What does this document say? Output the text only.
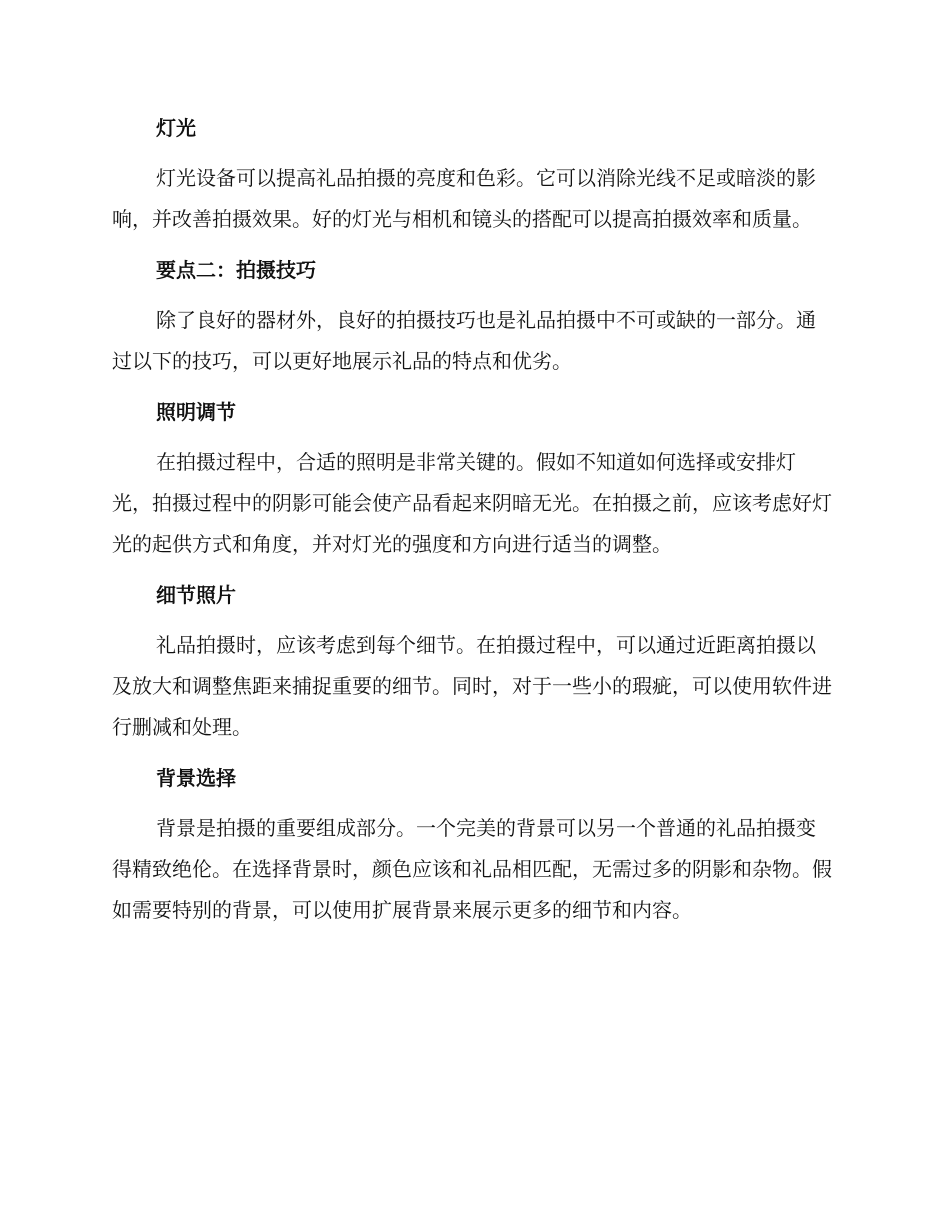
灯光

灯光设备可以提高礼品拍摄的亮度和色彩。它可以消除光线不足或暗淡的影响，并改善拍摄效果。好的灯光与相机和镜头的搭配可以提高拍摄效率和质量。

要点二：拍摄技巧

除了良好的器材外，良好的拍摄技巧也是礼品拍摄中不可或缺的一部分。通过以下的技巧，可以更好地展示礼品的特点和优劣。

照明调节

在拍摄过程中，合适的照明是非常关键的。假如不知道如何选择或安排灯光，拍摄过程中的阴影可能会使产品看起来阴暗无光。在拍摄之前，应该考虑好灯光的起供方式和角度，并对灯光的强度和方向进行适当的调整。

细节照片

礼品拍摄时，应该考虑到每个细节。在拍摄过程中，可以通过近距离拍摄以及放大和调整焦距来捕捉重要的细节。同时，对于一些小的瑕疵，可以使用软件进行删减和处理。

背景选择

背景是拍摄的重要组成部分。一个完美的背景可以另一个普通的礼品拍摄变得精致绝伦。在选择背景时，颜色应该和礼品相匹配，无需过多的阴影和杂物。假如需要特别的背景，可以使用扩展背景来展示更多的细节和内容。
